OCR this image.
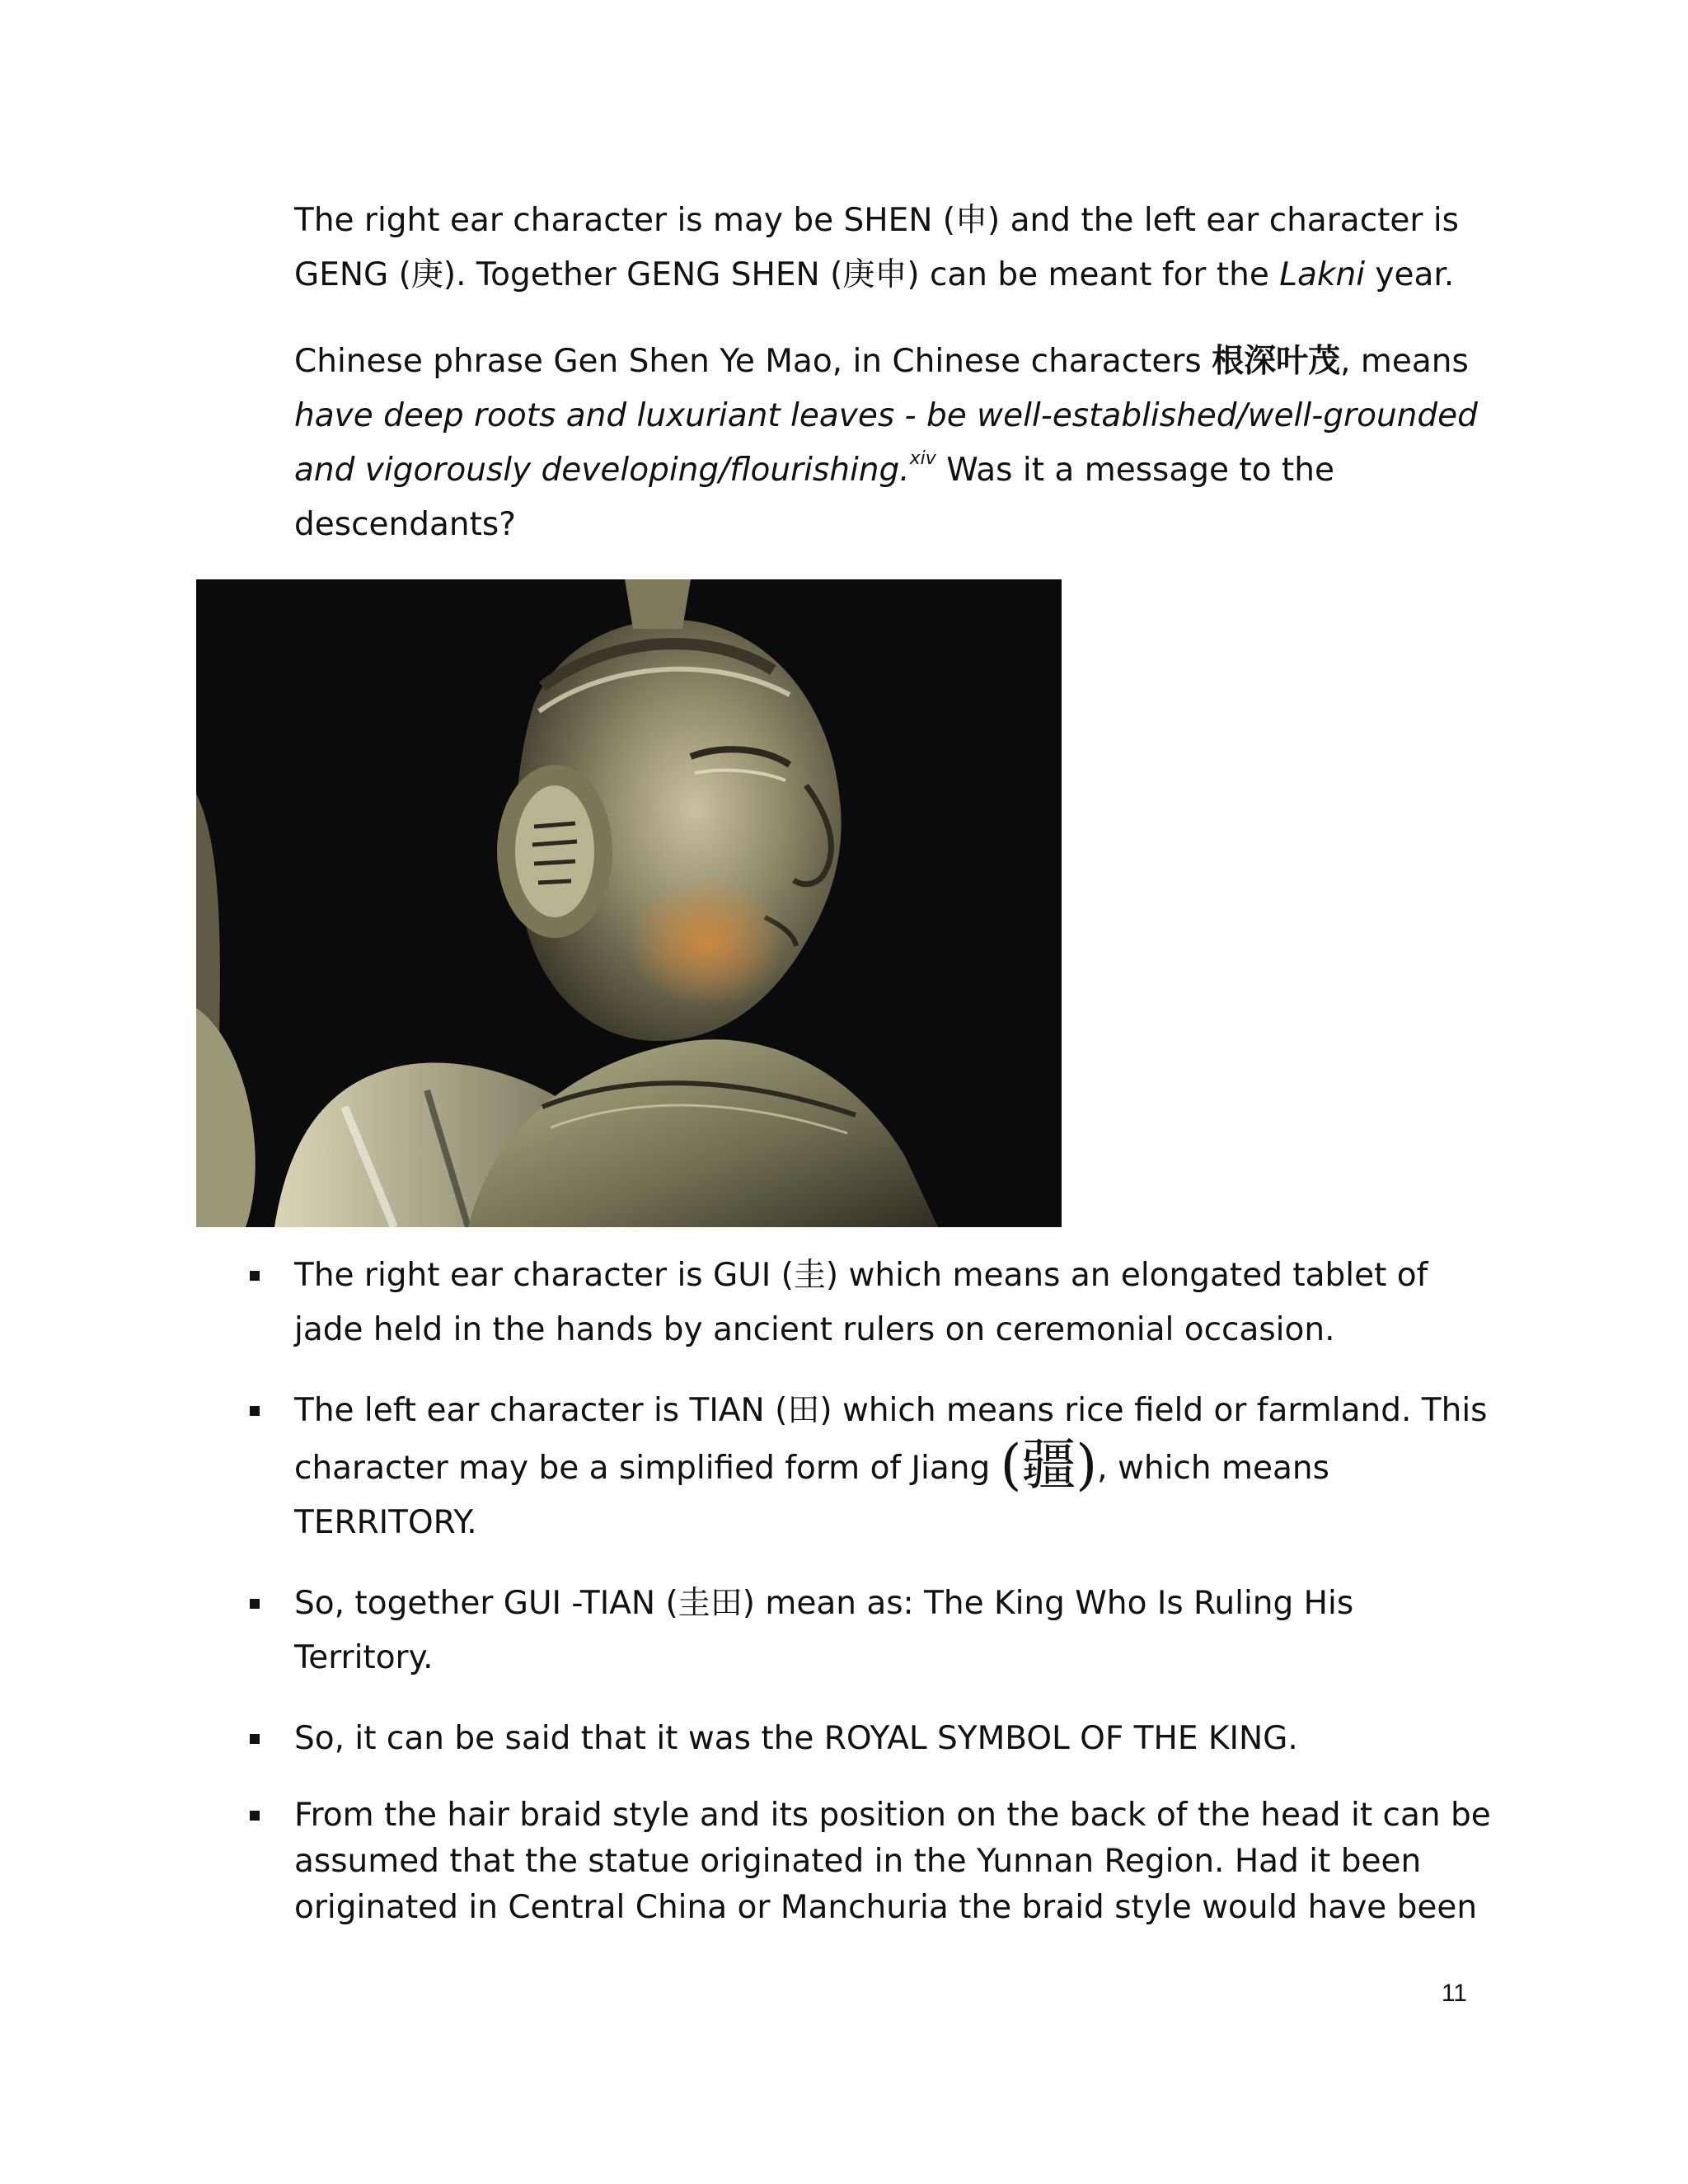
The right ear character is may be SHEN (申) and the left ear character is GENG (庚). Together GENG SHEN (庚申) can be meant for the Lakni year.

Chinese phrase Gen Shen Ye Mao, in Chinese characters 根深叶茂, means have deep roots and luxuriant leaves - be well-established/well-grounded and vigorously developing/flourishing.$^{xiv}$ Was it a message to the descendants?

The right ear character is GUI (圭) which means an elongated tablet of jade held in the hands by ancient rulers on ceremonial occasion.
The left ear character is TIAN (田) which means rice field or farmland. This character may be a simplified form of Jiang (疆), which means TERRITORY.
So, together GUI -TIAN (圭田) mean as: The King Who Is Ruling His Territory.
So, it can be said that it was the ROYAL SYMBOL OF THE KING.
From the hair braid style and its position on the back of the head it can be assumed that the statue originated in the Yunnan Region. Had it been originated in Central China or Manchuria the braid style would have been
11
